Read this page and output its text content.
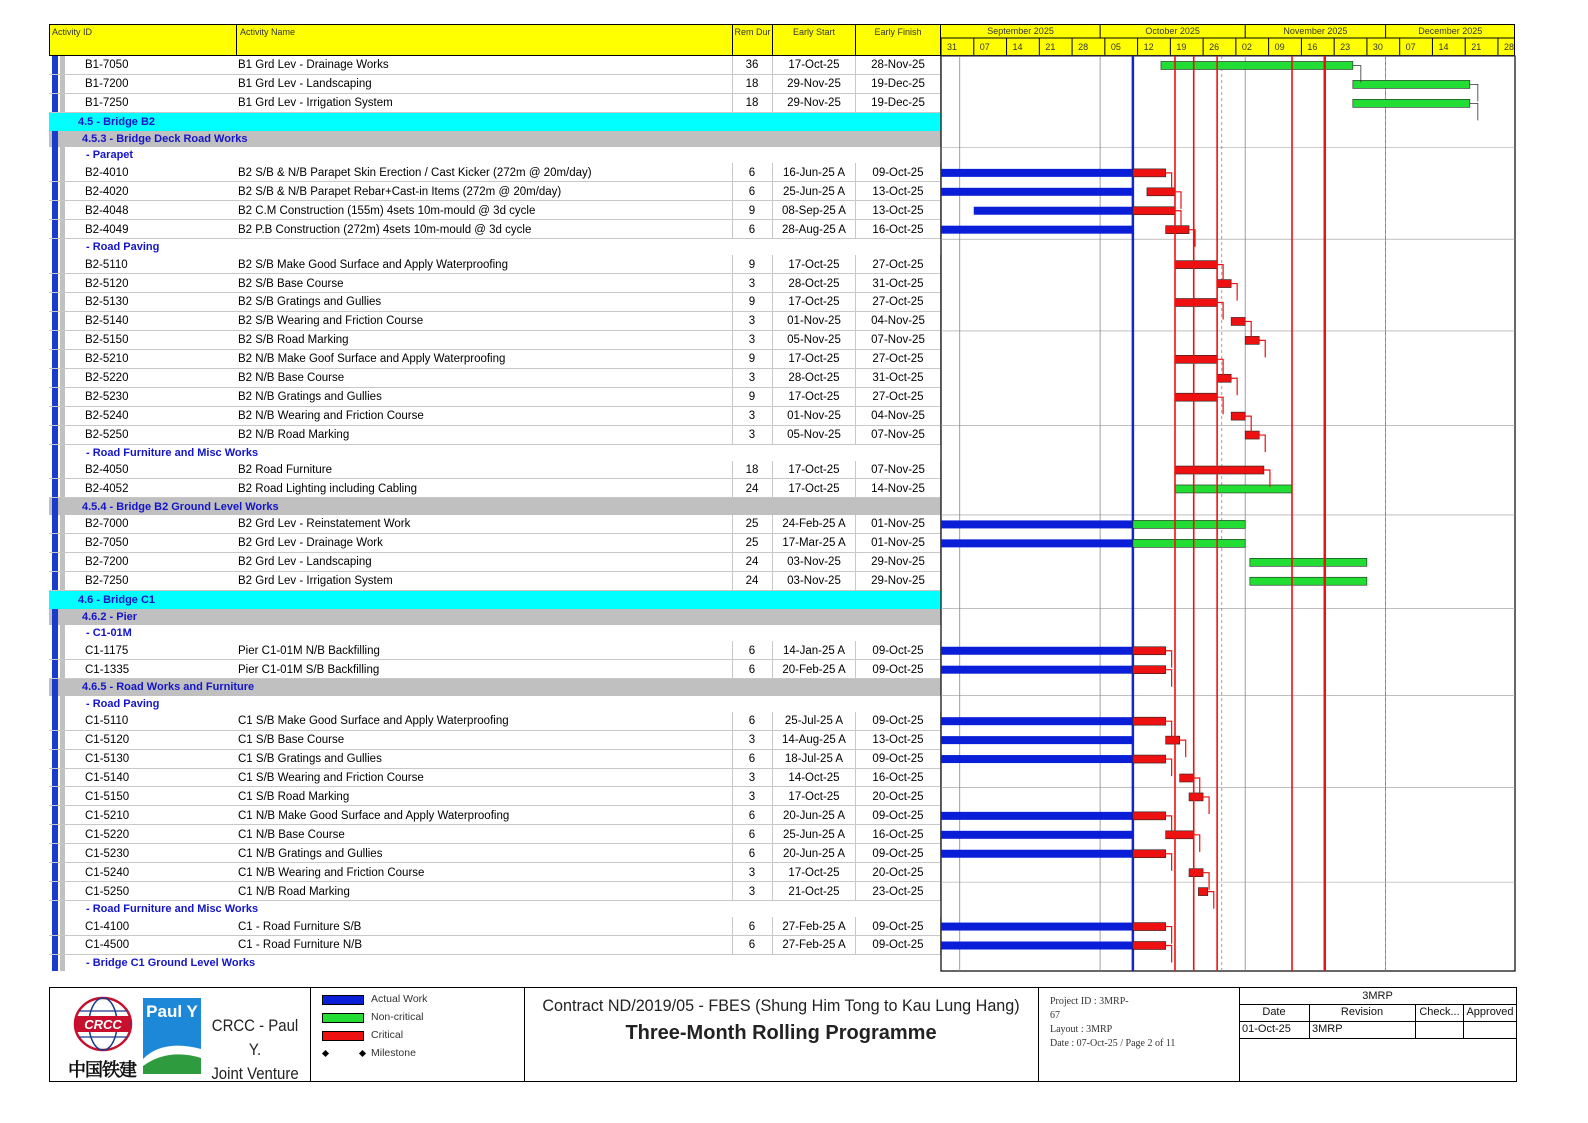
Activity ID	Activity Name	Rem Dur	Early Start	Early Finish
B1-7050	B1 Grd Lev - Drainage Works	36	17-Oct-25	28-Nov-25
B1-7200	B1 Grd Lev - Landscaping	18	29-Nov-25	19-Dec-25
B1-7250	B1 Grd Lev - Irrigation System	18	29-Nov-25	19-Dec-25
4.5 - Bridge B2
4.5.3 - Bridge Deck Road Works
- Parapet
B2-4010	B2 S/B & N/B Parapet Skin Erection / Cast Kicker (272m @ 20m/day)	6 16-Jun-25 A 09-Oct-25
B2-4020	B2 S/B & N/B Parapet Rebar+Cast-in Items (272m @ 20m/day)	6 25-Jun-25 A 13-Oct-25
B2-4048	B2 C.M Construction (155m) 4sets 10m-mould @ 3d cycle	9 08-Sep-25 A 13-Oct-25
B2-4049	B2 P.B Construction (272m) 4sets 10m-mould @ 3d cycle	6 28-Aug-25 A 16-Oct-25
- Road Paving
B2-5110	B2 S/B Make Good Surface and Apply Waterproofing	9	17-Oct-25	27-Oct-25
B2-5120	B2 S/B Base Course	3	28-Oct-25	31-Oct-25
B2-5130	B2 S/B Gratings and Gullies	9	17-Oct-25	27-Oct-25
B2-5140	B2 S/B Wearing and Friction Course	3	01-Nov-25	04-Nov-25
B2-5150	B2 S/B Road Marking	3	05-Nov-25	07-Nov-25
B2-5210	B2 N/B Make Goof Surface and Apply Waterproofing	9	17-Oct-25	27-Oct-25
B2-5220	B2 N/B Base Course	3	28-Oct-25	31-Oct-25
B2-5230	B2 N/B Gratings and Gullies	9	17-Oct-25	27-Oct-25
B2-5240	B2 N/B Wearing and Friction Course	3	01-Nov-25	04-Nov-25
B2-5250	B2 N/B Road Marking	3	05-Nov-25	07-Nov-25
- Road Furniture and Misc Works
B2-4050	B2 Road Furniture	18	17-Oct-25	07-Nov-25
B2-4052	B2 Road Lighting including Cabling	24	17-Oct-25	14-Nov-25
4.5.4 - Bridge B2 Ground Level Works
B2-7000	B2 Grd Lev - Reinstatement Work	25 24-Feb-25 A 01-Nov-25
B2-7050	B2 Grd Lev - Drainage Work	25 17-Mar-25 A 01-Nov-25
B2-7200	B2 Grd Lev - Landscaping	24	03-Nov-25	29-Nov-25
B2-7250	B2 Grd Lev - Irrigation System	24	03-Nov-25	29-Nov-25
4.6 - Bridge C1
4.6.2 - Pier
- C1-01M
C1-1175	Pier C1-01M N/B Backfilling	6 14-Jan-25 A 09-Oct-25
C1-1335	Pier C1-01M S/B Backfilling	6 20-Feb-25 A 09-Oct-25
4.6.5 - Road Works and Furniture
- Road Paving
C1-5110	C1 S/B Make Good Surface and Apply Waterproofing	6	25-Jul-25 A	09-Oct-25
C1-5120	C1 S/B Base Course	3 14-Aug-25 A 13-Oct-25
C1-5130	C1 S/B Gratings and Gullies	6	18-Jul-25 A	09-Oct-25
C1-5140	C1 S/B Wearing and Friction Course	3	14-Oct-25	16-Oct-25
C1-5150	C1 S/B Road Marking	3	17-Oct-25	20-Oct-25
C1-5210	C1 N/B Make Good Surface and Apply Waterproofing	6 20-Jun-25 A 09-Oct-25
C1-5220	C1 N/B Base Course	6 25-Jun-25 A 16-Oct-25
C1-5230	C1 N/B Gratings and Gullies	6 20-Jun-25 A 09-Oct-25
C1-5240	C1 N/B Wearing and Friction Course	3	17-Oct-25	20-Oct-25
C1-5250	C1 N/B Road Marking	3	21-Oct-25	23-Oct-25
- Road Furniture and Misc Works
C1-4100	C1 - Road Furniture S/B	6 27-Feb-25 A 09-Oct-25
C1-4500	C1 - Road Furniture N/B	6 27-Feb-25 A 09-Oct-25
- Bridge C1 Ground Level Works
September 2025	October 2025	November 2025	December 2025
31	07	14	21	28	05	12	19	26	02	09	16	23	30	07	14	21	28
CRCC
中国铁建
Paul Y
CRCC - Paul Y.
Joint Venture
Actual Work
Non-critical
Critical
Milestone
Contract ND/2019/05 - FBES (Shung Him Tong to Kau Lung Hang)
Three-Month Rolling Programme
Project ID : 3MRP-
67
Layout : 3MRP
Date : 07-Oct-25 / Page 2 of 11
3MRP
Date	Revision	Check... Approved
01-Oct-25 3MRP
